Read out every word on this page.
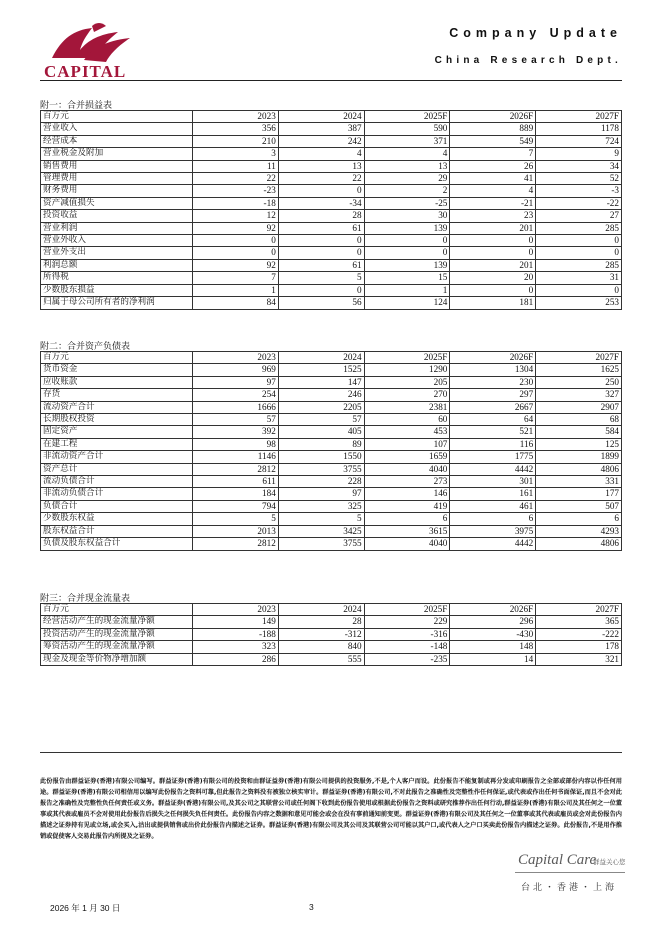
CAPITAL
Company Update
China Research Dept.
附一：合并损益表
百万元	2023	2024	2025F	2026F	2027F
营业收入	356	387	590	889	1178
经营成本	210	242	371	549	724
营业税金及附加	3	4	4	7	9
销售费用	11	13	13	26	34
管理费用	22	22	29	41	52
财务费用	-23	0	2	4	-3
资产减值损失	-18	-34	-25	-21	-22
投资收益	12	28	30	23	27
营业利润	92	61	139	201	285
营业外收入	0	0	0	0	0
营业外支出	0	0	0	0	0
利润总额	92	61	139	201	285
所得税	7	5	15	20	31
少数股东损益	1	0	1	0	0
归属于母公司所有者的净利润	84	56	124	181	253
附二：合并资产负债表
百万元	2023	2024	2025F	2026F	2027F
货币资金	969	1525	1290	1304	1625
应收账款	97	147	205	230	250
存货	254	246	270	297	327
流动资产合计	1666	2205	2381	2667	2907
长期股权投资	57	57	60	64	68
固定资产	392	405	453	521	584
在建工程	98	89	107	116	125
非流动资产合计	1146	1550	1659	1775	1899
资产总计	2812	3755	4040	4442	4806
流动负债合计	611	228	273	301	331
非流动负债合计	184	97	146	161	177
负债合计	794	325	419	461	507
少数股东权益	5	5	6	6	6
股东权益合计	2013	3425	3615	3975	4293
负债及股东权益合计	2812	3755	4040	4442	4806
附三：合并现金流量表
百万元	2023	2024	2025F	2026F	2027F
经营活动产生的现金流量净额	149	28	229	296	365
投资活动产生的现金流量净额	-188	-312	-316	-430	-222
筹资活动产生的现金流量净额	323	840	-148	148	178
现金及现金等价物净增加额	286	555	-235	14	321
此份报告由群益证券(香港)有限公司编写。群益证券(香港)有限公司的投资和由群证益券(香港)有限公司提供的投资服务,不是,个人客户而设。此份报告不能复制或再分发或印刷报告之全部或部份内容以作任何用途。群益证券(香港)有限公司相信用以编写此份报告之资料可靠,但此报告之资料没有被独立核实审计。群益证券(香港)有限公司,不对此报告之准确性及完整性作任何保证,或代表或作出任何书面保证,而且不会对此报告之准确性及完整性负任何责任或义务。群益证券(香港)有限公司,及其公司之其联营公司或任何阁下收到此份报告使用或根据此份报告之资料或研究推荐作出任何行动,群益证券(香港)有限公司及其任何之一位董事或其代表或雇员不会对使用此份报告后损失之任何损失负任何责任。此份报告内容之数据和意见可能会或会在没有事前通知前变更。群益证券(香港)有限公司及其任何之一位董事或其代表或雇员或会对此份报告内描述之证券持有见或立场,或会买入,沽出或提供销售或出价此份报告内描述之证券。群益证券(香港)有限公司及其公司及其联营公司可能以其户口,或代表人之户口买卖此份报告内描述之证券。此份报告,不是用作推销或促使客人交易此报告内所提及之证券。
Capital Care
群益关心您
台北・香港・上海
2026 年 1 月 30 日	3
